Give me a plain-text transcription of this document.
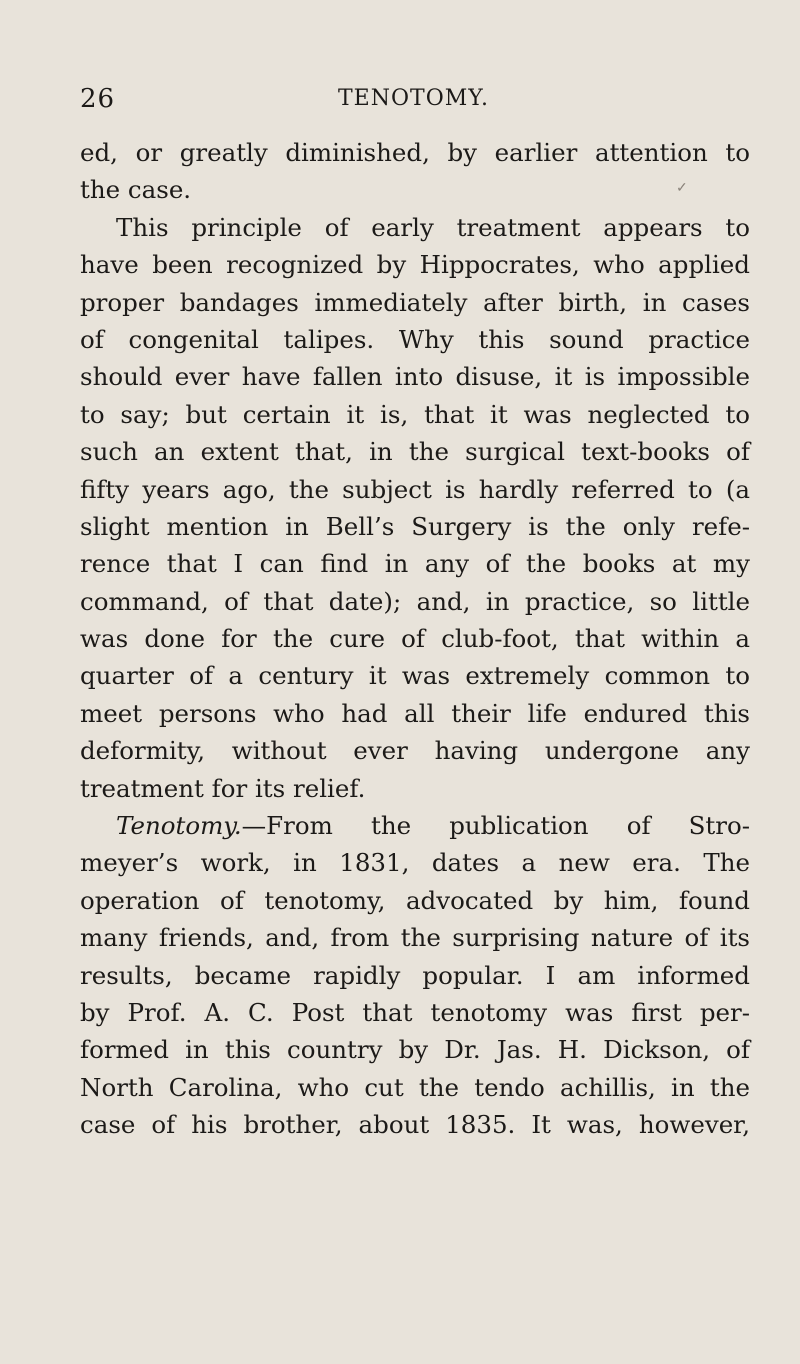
26	TENOTOMY.
✓
ed, or greatly diminished, by earlier attention to
the case.
This principle of early treatment appears to
have been recognized by Hippocrates, who applied
proper bandages immediately after birth, in cases
of congenital talipes. Why this sound practice
should ever have fallen into disuse, it is impossible
to say; but certain it is, that it was neglected to
such an extent that, in the surgical text-books of
fifty years ago, the subject is hardly referred to (a
slight mention in Bell’s Surgery is the only refe-
rence that I can find in any of the books at my
command, of that date); and, in practice, so little
was done for the cure of club-foot, that within a
quarter of a century it was extremely common to
meet persons who had all their life endured this
deformity, without ever having undergone any
treatment for its relief.
Tenotomy.—From the publication of Stro-
meyer’s work, in 1831, dates a new era. The
operation of tenotomy, advocated by him, found
many friends, and, from the surprising nature of its
results, became rapidly popular. I am informed
by Prof. A. C. Post that tenotomy was first per-
formed in this country by Dr. Jas. H. Dickson, of
North Carolina, who cut the tendo achillis, in the
case of his brother, about 1835. It was, however,
